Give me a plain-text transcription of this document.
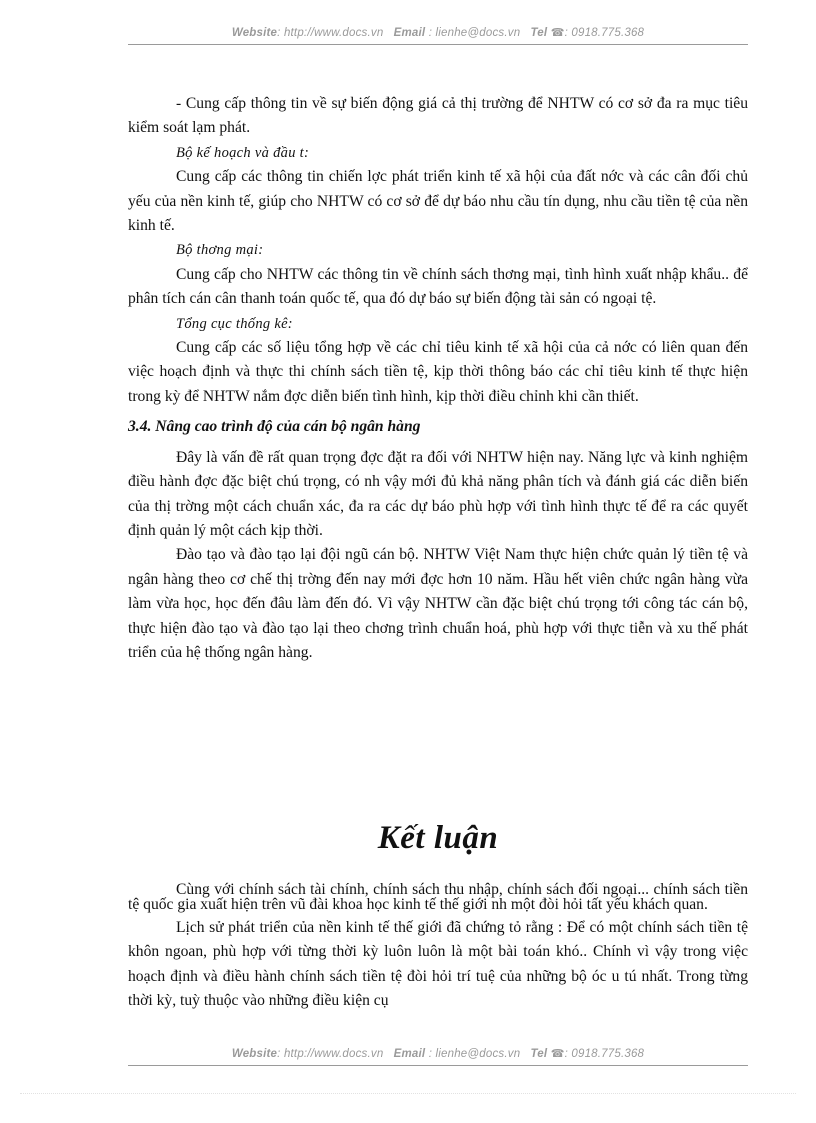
Website: http://www.docs.vn Email : lienhe@docs.vn Tel ☎: 0918.775.368

- Cung cấp thông tin về sự biến động giá cả thị trường để NHTW có cơ sở đa ra mục tiêu kiểm soát lạm phát.

Bộ kế hoạch và đầu t:

Cung cấp các thông tin chiến lợc phát triển kinh tế xã hội của đất nớc và các cân đối chủ yếu của nền kinh tế, giúp cho NHTW có cơ sở để dự báo nhu cầu tín dụng, nhu cầu tiền tệ của nền kinh tế.

Bộ thơng mại:

Cung cấp cho NHTW các thông tin về chính sách thơng mại, tình hình xuất nhập khẩu.. để phân tích cán cân thanh toán quốc tế, qua đó dự báo sự biến động tài sản có ngoại tệ.

Tổng cục thống kê:

Cung cấp các số liệu tổng hợp về các chỉ tiêu kinh tế xã hội của cả nớc có liên quan đến việc hoạch định và thực thi chính sách tiền tệ, kịp thời thông báo các chỉ tiêu kinh tế thực hiện trong kỳ để NHTW nắm đợc diễn biến tình hình, kịp thời điều chỉnh khi cần thiết.

3.4. Nâng cao trình độ của cán bộ ngân hàng

Đây là vấn đề rất quan trọng đợc đặt ra đối với NHTW hiện nay. Năng lực và kinh nghiệm điều hành đợc đặc biệt chú trọng, có nh vậy mới đủ khả năng phân tích và đánh giá các diễn biến của thị trờng một cách chuẩn xác, đa ra các dự báo phù hợp với tình hình thực tế để ra các quyết định quản lý một cách kịp thời.

Đào tạo và đào tạo lại đội ngũ cán bộ. NHTW Việt Nam thực hiện chức quản lý tiền tệ và ngân hàng theo cơ chế thị trờng đến nay mới đợc hơn 10 năm. Hầu hết viên chức ngân hàng vừa làm vừa học, học đến đâu làm đến đó. Vì vậy NHTW cần đặc biệt chú trọng tới công tác cán bộ, thực hiện đào tạo và đào tạo lại theo chơng trình chuẩn hoá, phù hợp với thực tiễn và xu thế phát triển của hệ thống ngân hàng.

Kết luận

Cùng với chính sách tài chính, chính sách thu nhập, chính sách đối ngoại... chính sách tiền tệ quốc gia xuất hiện trên vũ đài khoa học kinh tế thế giới nh một đòi hỏi tất yếu khách quan.

Lịch sử phát triển của nền kinh tế thế giới đã chứng tỏ rằng : Để có một chính sách tiền tệ khôn ngoan, phù hợp với từng thời kỳ luôn luôn là một bài toán khó.. Chính vì vậy trong việc hoạch định và điều hành chính sách tiền tệ đòi hỏi trí tuệ của những bộ óc u tú nhất. Trong từng thời kỳ, tuỳ thuộc vào những điều kiện cụ

Website: http://www.docs.vn Email : lienhe@docs.vn Tel ☎: 0918.775.368
